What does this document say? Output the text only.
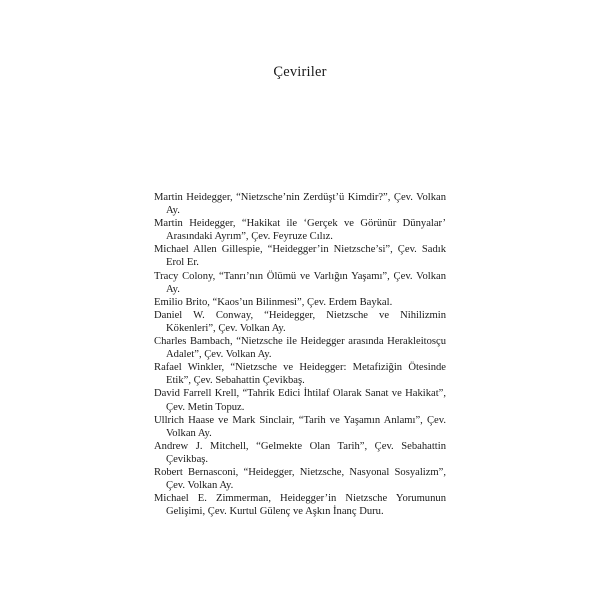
Çeviriler
Martin Heidegger, “Nietzsche’nin Zerdüşt’ü Kimdir?”, Çev. Volkan Ay.
Martin Heidegger, “Hakikat ile ‘Gerçek ve Görünür Dünyalar’ Arasındaki Ayrım”, Çev. Feyruze Cılız.
Michael Allen Gillespie, “Heidegger’in Nietzsche’si”, Çev. Sadık Erol Er.
Tracy Colony, “Tanrı’nın Ölümü ve Varlığın Yaşamı”, Çev. Volkan Ay.
Emilio Brito, “Kaos’un Bilinmesi”, Çev. Erdem Baykal.
Daniel W. Conway, “Heidegger, Nietzsche ve Nihilizmin Kökenleri”, Çev. Volkan Ay.
Charles Bambach, “Nietzsche ile Heidegger arasında Herakleitosçu Adalet”, Çev. Volkan Ay.
Rafael Winkler, “Nietzsche ve Heidegger: Metafiziğin Ötesinde Etik”, Çev. Sebahattin Çevikbaş.
David Farrell Krell, “Tahrik Edici İhtilaf Olarak Sanat ve Hakikat”, Çev. Metin Topuz.
Ullrich Haase ve Mark Sinclair, “Tarih ve Yaşamın Anlamı”, Çev. Volkan Ay.
Andrew J. Mitchell, “Gelmekte Olan Tarih”, Çev. Sebahattin Çevikbaş.
Robert Bernasconi, “Heidegger, Nietzsche, Nasyonal Sosyalizm”, Çev. Volkan Ay.
Michael E. Zimmerman, Heidegger’in Nietzsche Yorumunun Gelişimi, Çev. Kurtul Gülenç ve Aşkın İnanç Duru.
